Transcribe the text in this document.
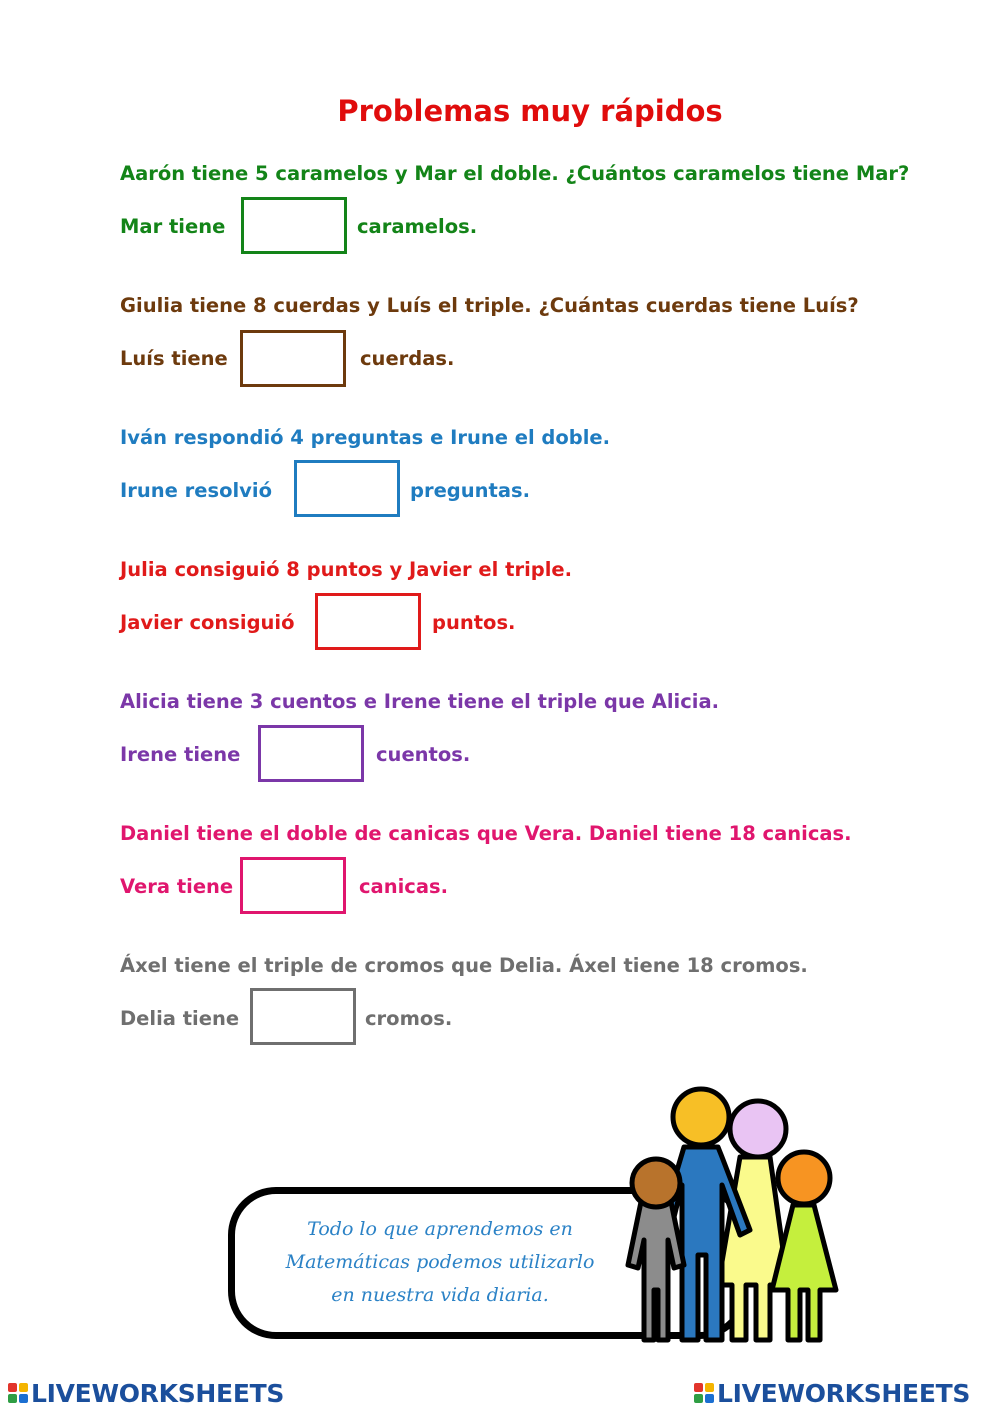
Problemas muy rápidos

Aarón tiene 5 caramelos y Mar el doble. ¿Cuántos caramelos tiene Mar?

Mar tiene	caramelos.

Giulia tiene 8 cuerdas y Luís el triple. ¿Cuántas cuerdas tiene Luís?

Luís tiene	cuerdas.

Iván respondió 4 preguntas e Irune el doble.

Irune resolvió	preguntas.

Julia consiguió 8 puntos y Javier el triple.

Javier consiguió	puntos.

Alicia tiene 3 cuentos e Irene tiene el triple que Alicia.

Irene tiene	cuentos.

Daniel tiene el doble de canicas que Vera. Daniel tiene 18 canicas.

Vera tiene	canicas.

Áxel tiene el triple de cromos que Delia. Áxel tiene 18 cromos.

Delia tiene	cromos.
Todo lo que aprendemos en
Matemáticas podemos utilizarlo
en nuestra vida diaria.
LIVEWORKSHEETS	LIVEWORKSHEETS
